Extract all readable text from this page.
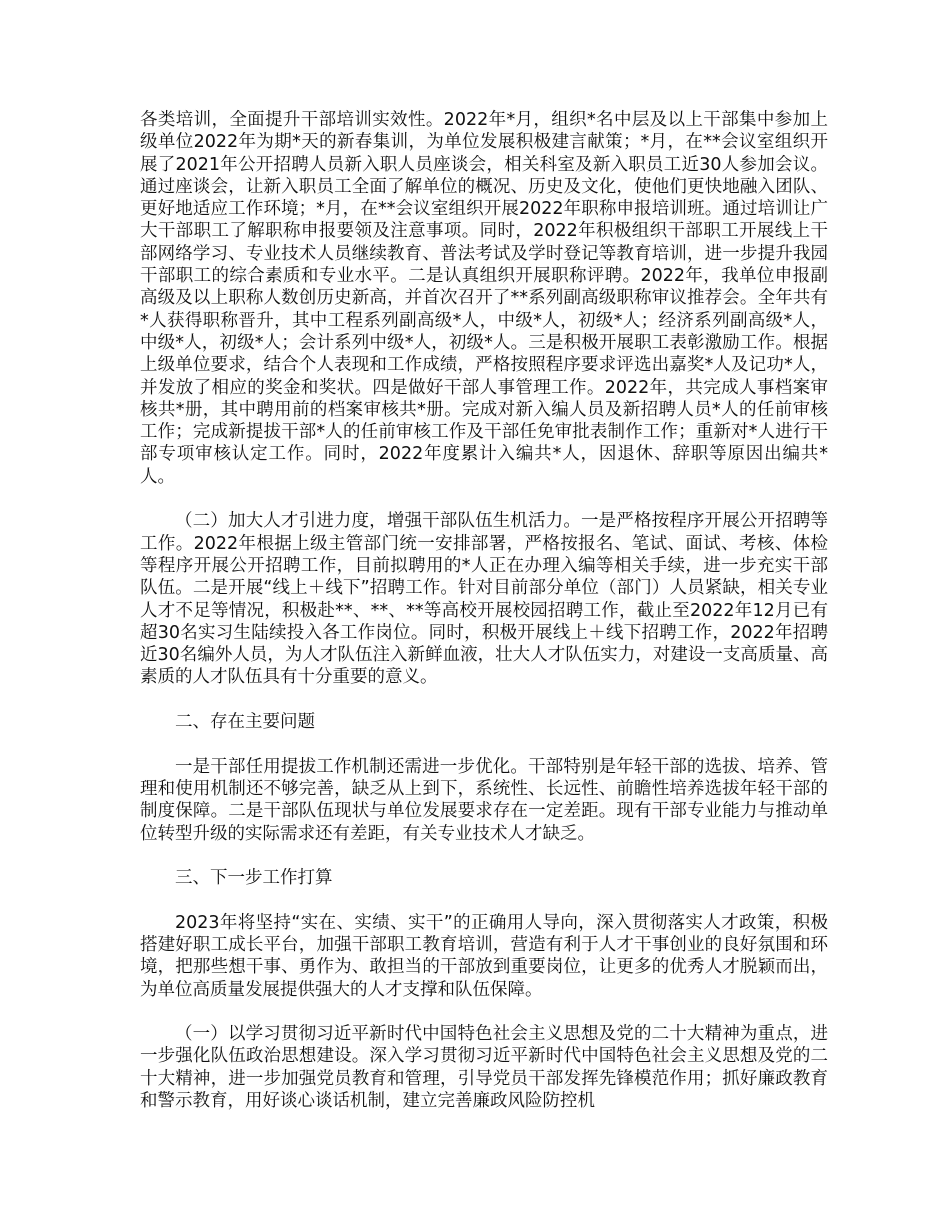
各类培训，全面提升干部培训实效性。2022年*月，组织*名中层及以上干部集中参加上级单位2022年为期*天的新春集训，为单位发展积极建言献策；*月，在**会议室组织开展了2021年公开招聘人员新入职人员座谈会，相关科室及新入职员工近30人参加会议。通过座谈会，让新入职员工全面了解单位的概况、历史及文化，使他们更快地融入团队、更好地适应工作环境；*月，在**会议室组织开展2022年职称申报培训班。通过培训让广大干部职工了解职称申报要领及注意事项。同时，2022年积极组织干部职工开展线上干部网络学习、专业技术人员继续教育、普法考试及学时登记等教育培训，进一步提升我园干部职工的综合素质和专业水平。二是认真组织开展职称评聘。2022年，我单位申报副高级及以上职称人数创历史新高，并首次召开了**系列副高级职称审议推荐会。全年共有*人获得职称晋升，其中工程系列副高级*人，中级*人，初级*人；经济系列副高级*人，中级*人，初级*人；会计系列中级*人，初级*人。三是积极开展职工表彰激励工作。根据上级单位要求，结合个人表现和工作成绩，严格按照程序要求评选出嘉奖*人及记功*人，并发放了相应的奖金和奖状。四是做好干部人事管理工作。2022年，共完成人事档案审核共*册，其中聘用前的档案审核共*册。完成对新入编人员及新招聘人员*人的任前审核工作；完成新提拔干部*人的任前审核工作及干部任免审批表制作工作；重新对*人进行干部专项审核认定工作。同时，2022年度累计入编共*人，因退休、辞职等原因出编共*人。

（二）加大人才引进力度，增强干部队伍生机活力。一是严格按程序开展公开招聘等工作。2022年根据上级主管部门统一安排部署，严格按报名、笔试、面试、考核、体检等程序开展公开招聘工作，目前拟聘用的*人正在办理入编等相关手续，进一步充实干部队伍。二是开展“线上＋线下”招聘工作。针对目前部分单位（部门）人员紧缺，相关专业人才不足等情况，积极赴**、**、**等高校开展校园招聘工作，截止至2022年12月已有超30名实习生陆续投入各工作岗位。同时，积极开展线上＋线下招聘工作，2022年招聘近30名编外人员，为人才队伍注入新鲜血液，壮大人才队伍实力，对建设一支高质量、高素质的人才队伍具有十分重要的意义。

二、存在主要问题

一是干部任用提拔工作机制还需进一步优化。干部特别是年轻干部的选拔、培养、管理和使用机制还不够完善，缺乏从上到下，系统性、长远性、前瞻性培养选拔年轻干部的制度保障。二是干部队伍现状与单位发展要求存在一定差距。现有干部专业能力与推动单位转型升级的实际需求还有差距，有关专业技术人才缺乏。

三、下一步工作打算

2023年将坚持“实在、实绩、实干”的正确用人导向，深入贯彻落实人才政策，积极搭建好职工成长平台，加强干部职工教育培训，营造有利于人才干事创业的良好氛围和环境，把那些想干事、勇作为、敢担当的干部放到重要岗位，让更多的优秀人才脱颖而出，为单位高质量发展提供强大的人才支撑和队伍保障。

（一）以学习贯彻习近平新时代中国特色社会主义思想及党的二十大精神为重点，进一步强化队伍政治思想建设。深入学习贯彻习近平新时代中国特色社会主义思想及党的二十大精神，进一步加强党员教育和管理，引导党员干部发挥先锋模范作用；抓好廉政教育和警示教育，用好谈心谈话机制，建立完善廉政风险防控机
